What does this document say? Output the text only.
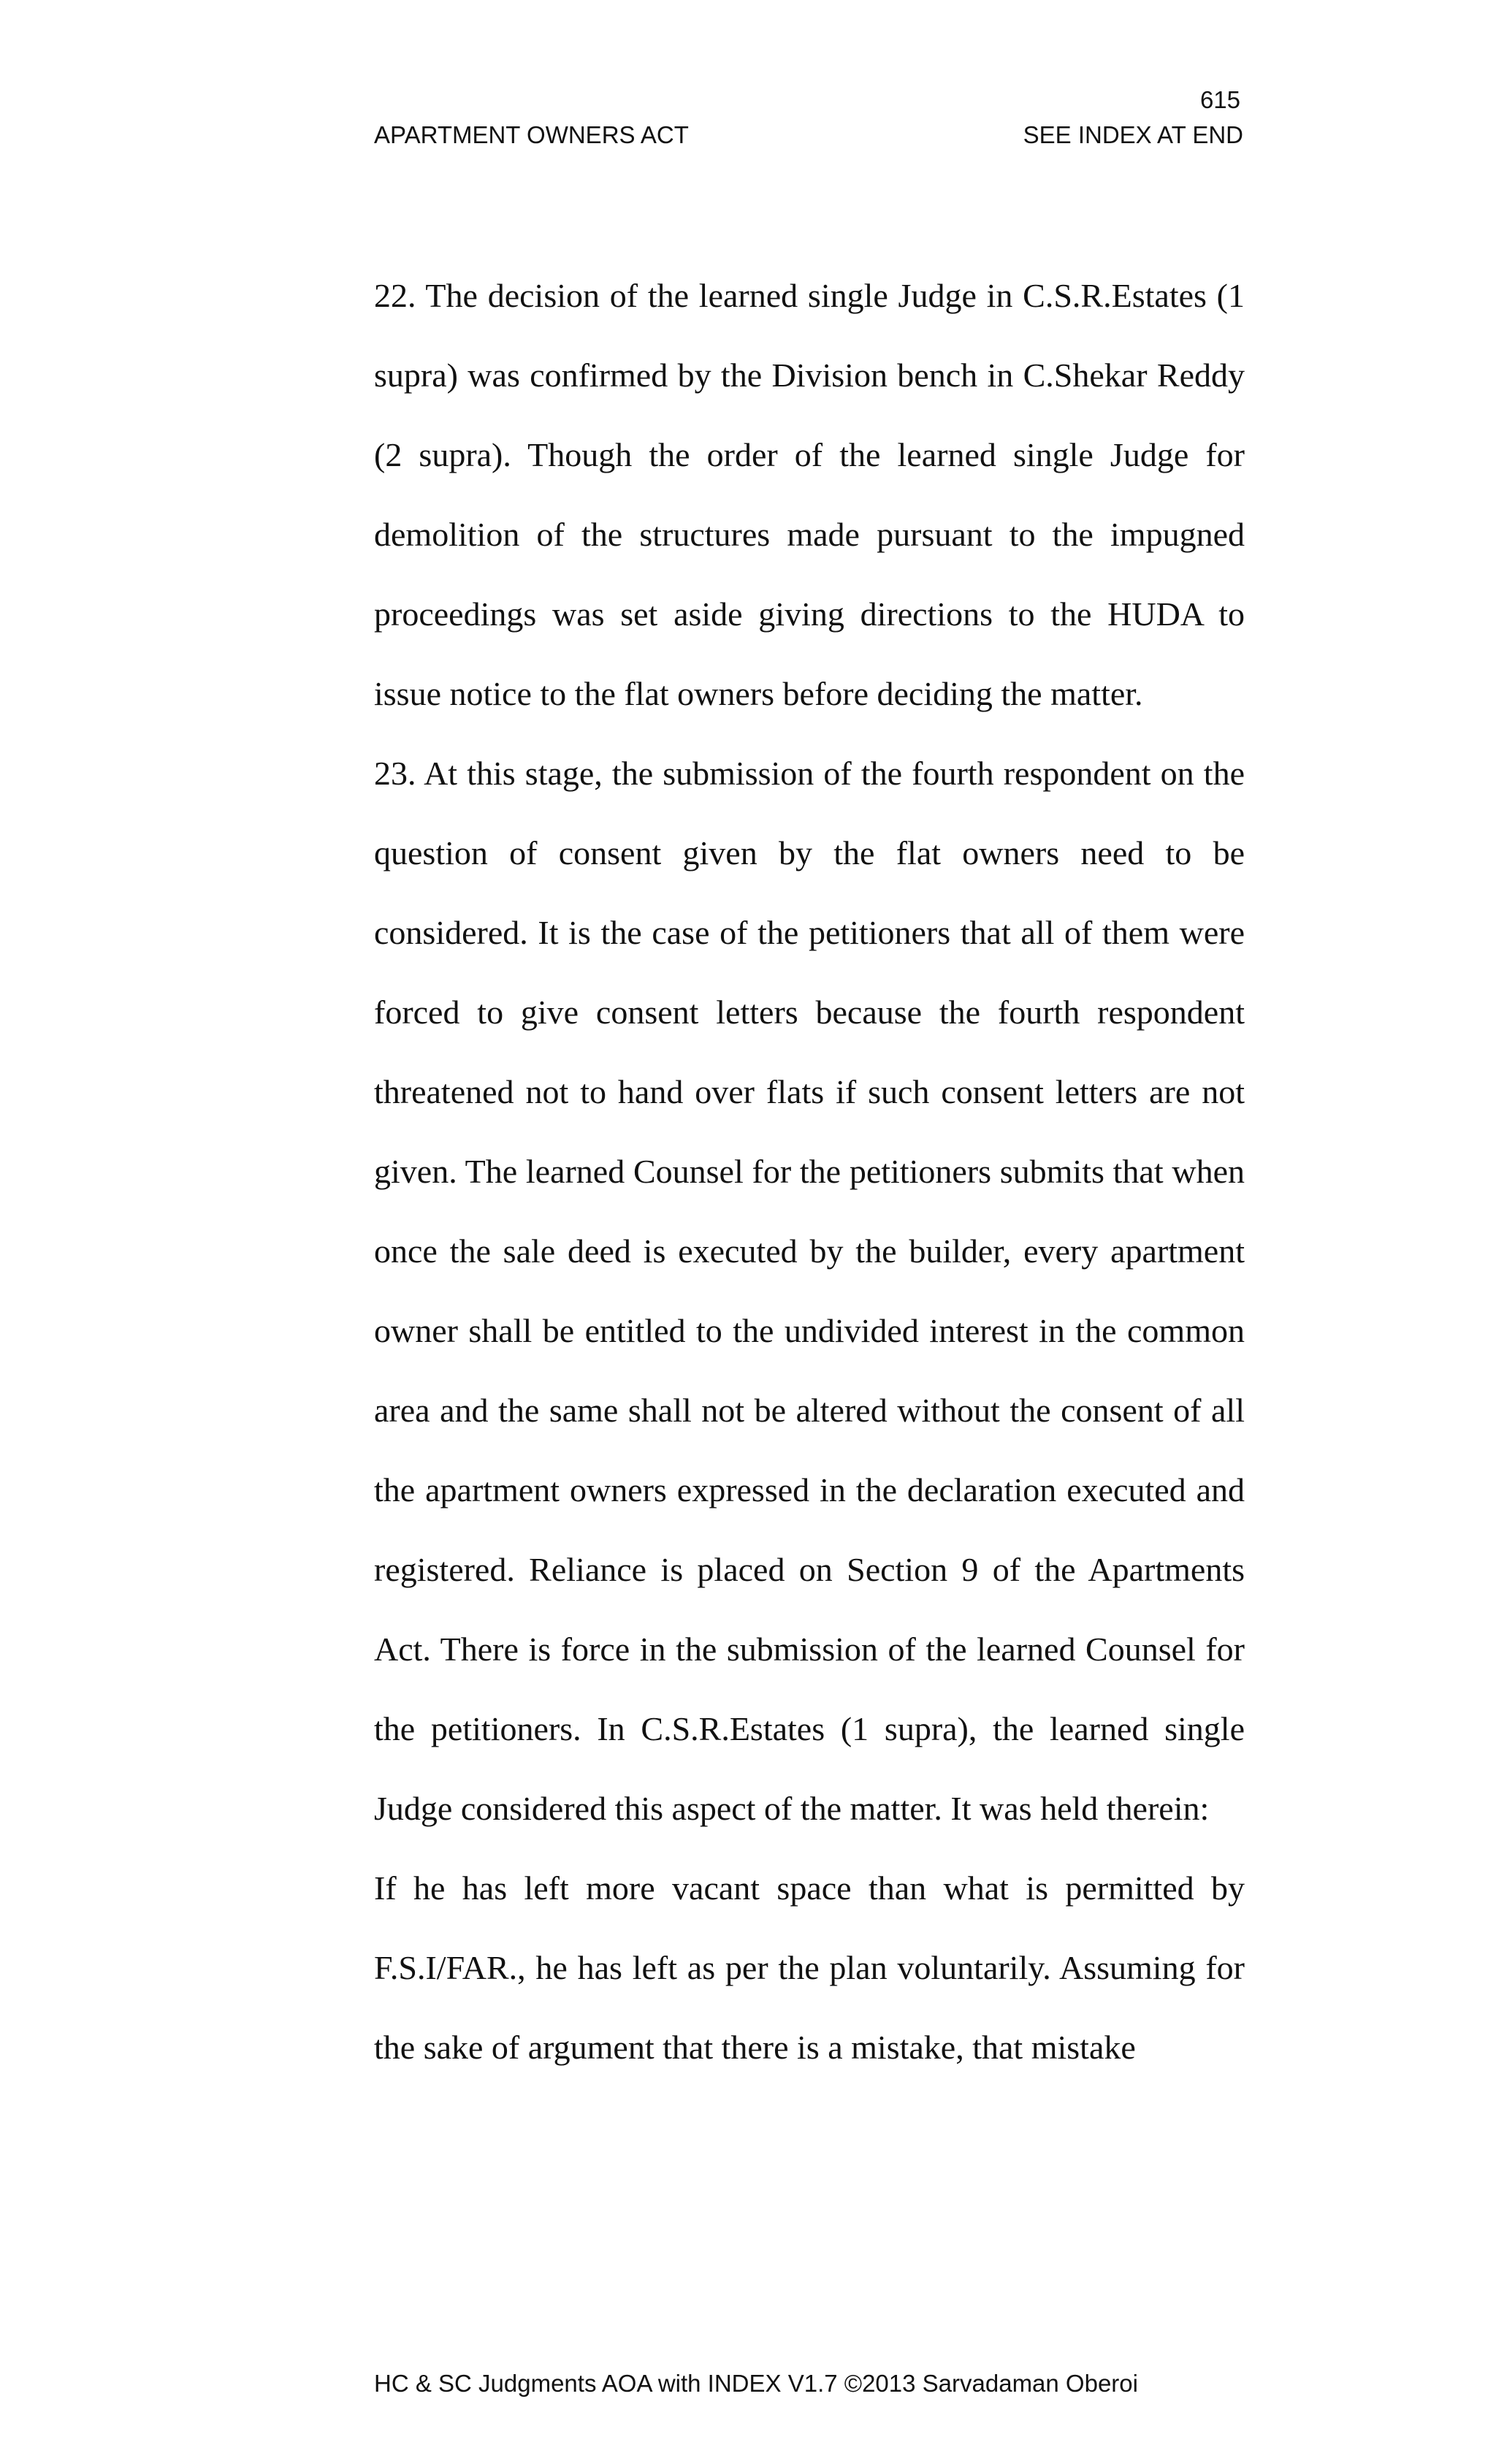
615
APARTMENT OWNERS ACT	SEE INDEX AT END

22. The decision of the learned single Judge in C.S.R.Estates (1 supra) was confirmed by the Division bench in C.Shekar Reddy (2 supra). Though the order of the learned single Judge for demolition of the structures made pursuant to the impugned proceedings was set aside giving directions to the HUDA to issue notice to the flat owners before deciding the matter.

23. At this stage, the submission of the fourth respondent on the question of consent given by the flat owners need to be considered. It is the case of the petitioners that all of them were forced to give consent letters because the fourth respondent threatened not to hand over flats if such consent letters are not given. The learned Counsel for the petitioners submits that when once the sale deed is executed by the builder, every apartment owner shall be entitled to the undivided interest in the common area and the same shall not be altered without the consent of all the apartment owners expressed in the declaration executed and registered. Reliance is placed on Section 9 of the Apartments Act. There is force in the submission of the learned Counsel for the petitioners. In C.S.R.Estates (1 supra), the learned single Judge considered this aspect of the matter. It was held therein:

If he has left more vacant space than what is permitted by F.S.I/FAR., he has left as per the plan voluntarily. Assuming for the sake of argument that there is a mistake, that mistake

HC & SC Judgments AOA with INDEX V1.7 ©2013 Sarvadaman Oberoi
